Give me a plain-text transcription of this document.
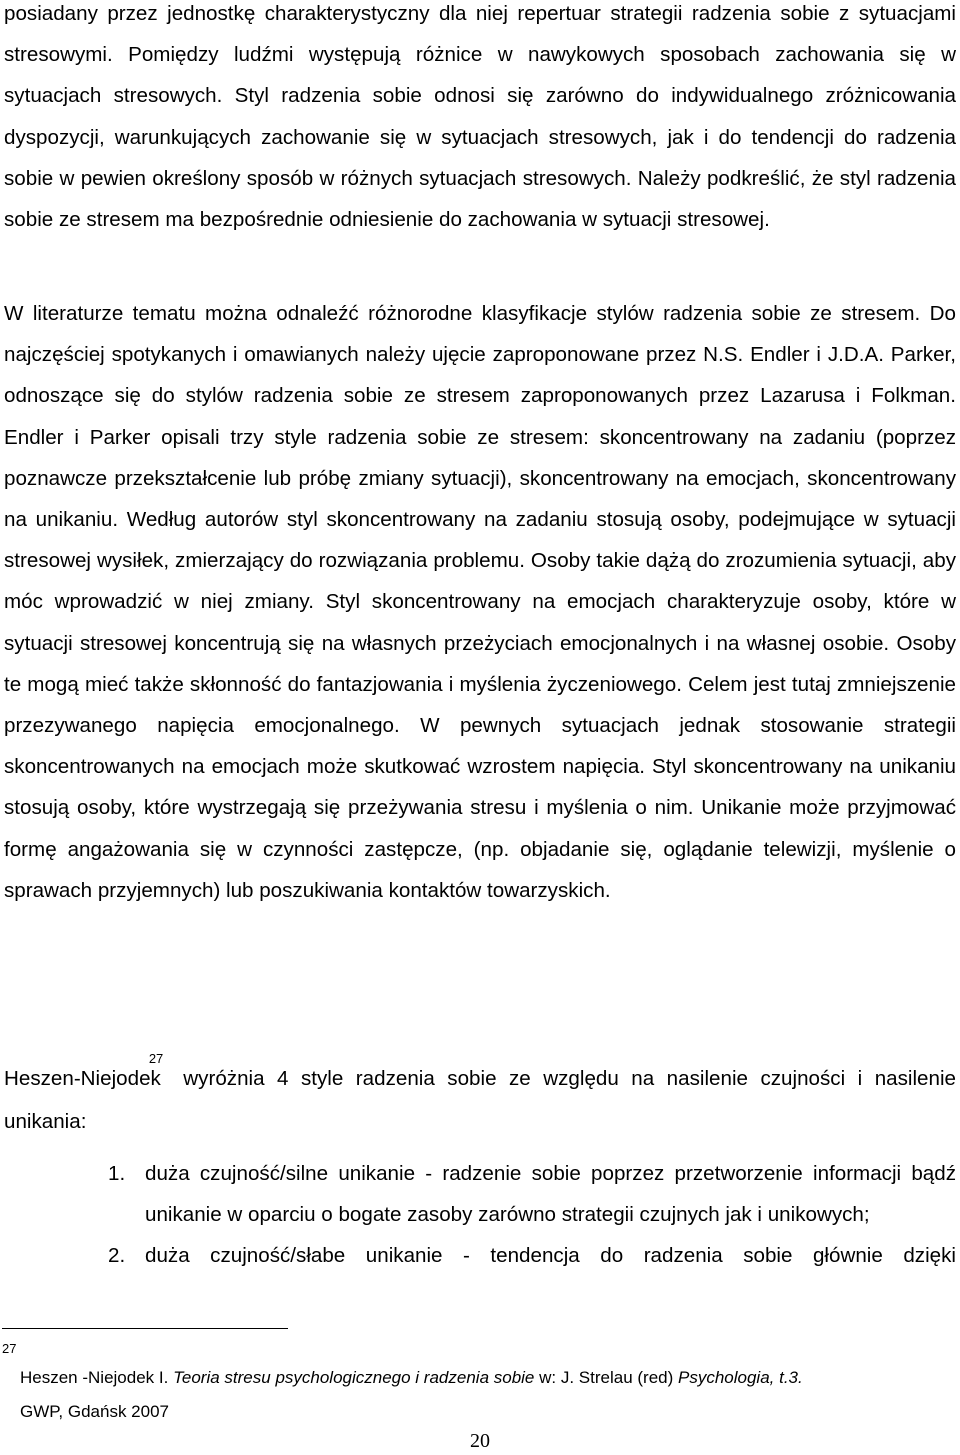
posiadany przez jednostkę charakterystyczny dla niej repertuar strategii radzenia sobie z sytuacjami stresowymi. Pomiędzy ludźmi występują różnice w nawykowych sposobach zachowania się w sytuacjach stresowych. Styl radzenia sobie odnosi się zarówno do indywidualnego zróżnicowania dyspozycji, warunkujących zachowanie się w sytuacjach stresowych, jak i do tendencji do radzenia sobie w pewien określony sposób w różnych sytuacjach stresowych. Należy podkreślić, że styl radzenia sobie ze stresem ma bezpośrednie odniesienie do zachowania w sytuacji stresowej.

W literaturze tematu można odnaleźć różnorodne klasyfikacje stylów radzenia sobie ze stresem. Do najczęściej spotykanych i omawianych należy ujęcie zaproponowane przez N.S. Endler i J.D.A. Parker, odnoszące się do stylów radzenia sobie ze stresem zaproponowanych przez Lazarusa i Folkman. Endler i Parker opisali trzy style radzenia sobie ze stresem: skoncentrowany na zadaniu (poprzez poznawcze przekształcenie lub próbę zmiany sytuacji), skoncentrowany na emocjach, skoncentrowany na unikaniu. Według autorów styl skoncentrowany na zadaniu stosują osoby, podejmujące w sytuacji stresowej wysiłek, zmierzający do rozwiązania problemu. Osoby takie dążą do zrozumienia sytuacji, aby móc wprowadzić w niej zmiany. Styl skoncentrowany na emocjach charakteryzuje osoby, które w sytuacji stresowej koncentrują się na własnych przeżyciach emocjonalnych i na własnej osobie. Osoby te mogą mieć także skłonność do fantazjowania i myślenia życzeniowego. Celem jest tutaj zmniejszenie przezywanego napięcia emocjonalnego. W pewnych sytuacjach jednak stosowanie strategii skoncentrowanych na emocjach może skutkować wzrostem napięcia. Styl skoncentrowany na unikaniu stosują osoby, które wystrzegają się przeżywania stresu i myślenia o nim. Unikanie może przyjmować formę angażowania się w czynności zastępcze, (np. objadanie się, oglądanie telewizji, myślenie o sprawach przyjemnych) lub poszukiwania kontaktów towarzyskich.

Heszen-Niejodek$^{27}$wyróżnia 4 style radzenia sobie ze względu na nasilenie czujności i nasilenie unikania:

1. duża czujność/silne unikanie - radzenie sobie poprzez przetworzenie informacji bądź unikanie w oparciu o bogate zasoby zarówno strategii czujnych jak i unikowych;

2. duża czujność/słabe unikanie - tendencja do radzenia sobie głównie dzięki

27
Heszen -Niejodek I. Teoria stresu psychologicznego i radzenia sobie w: J. Strelau (red) Psychologia, t.3.
GWP, Gdańsk 2007
20
